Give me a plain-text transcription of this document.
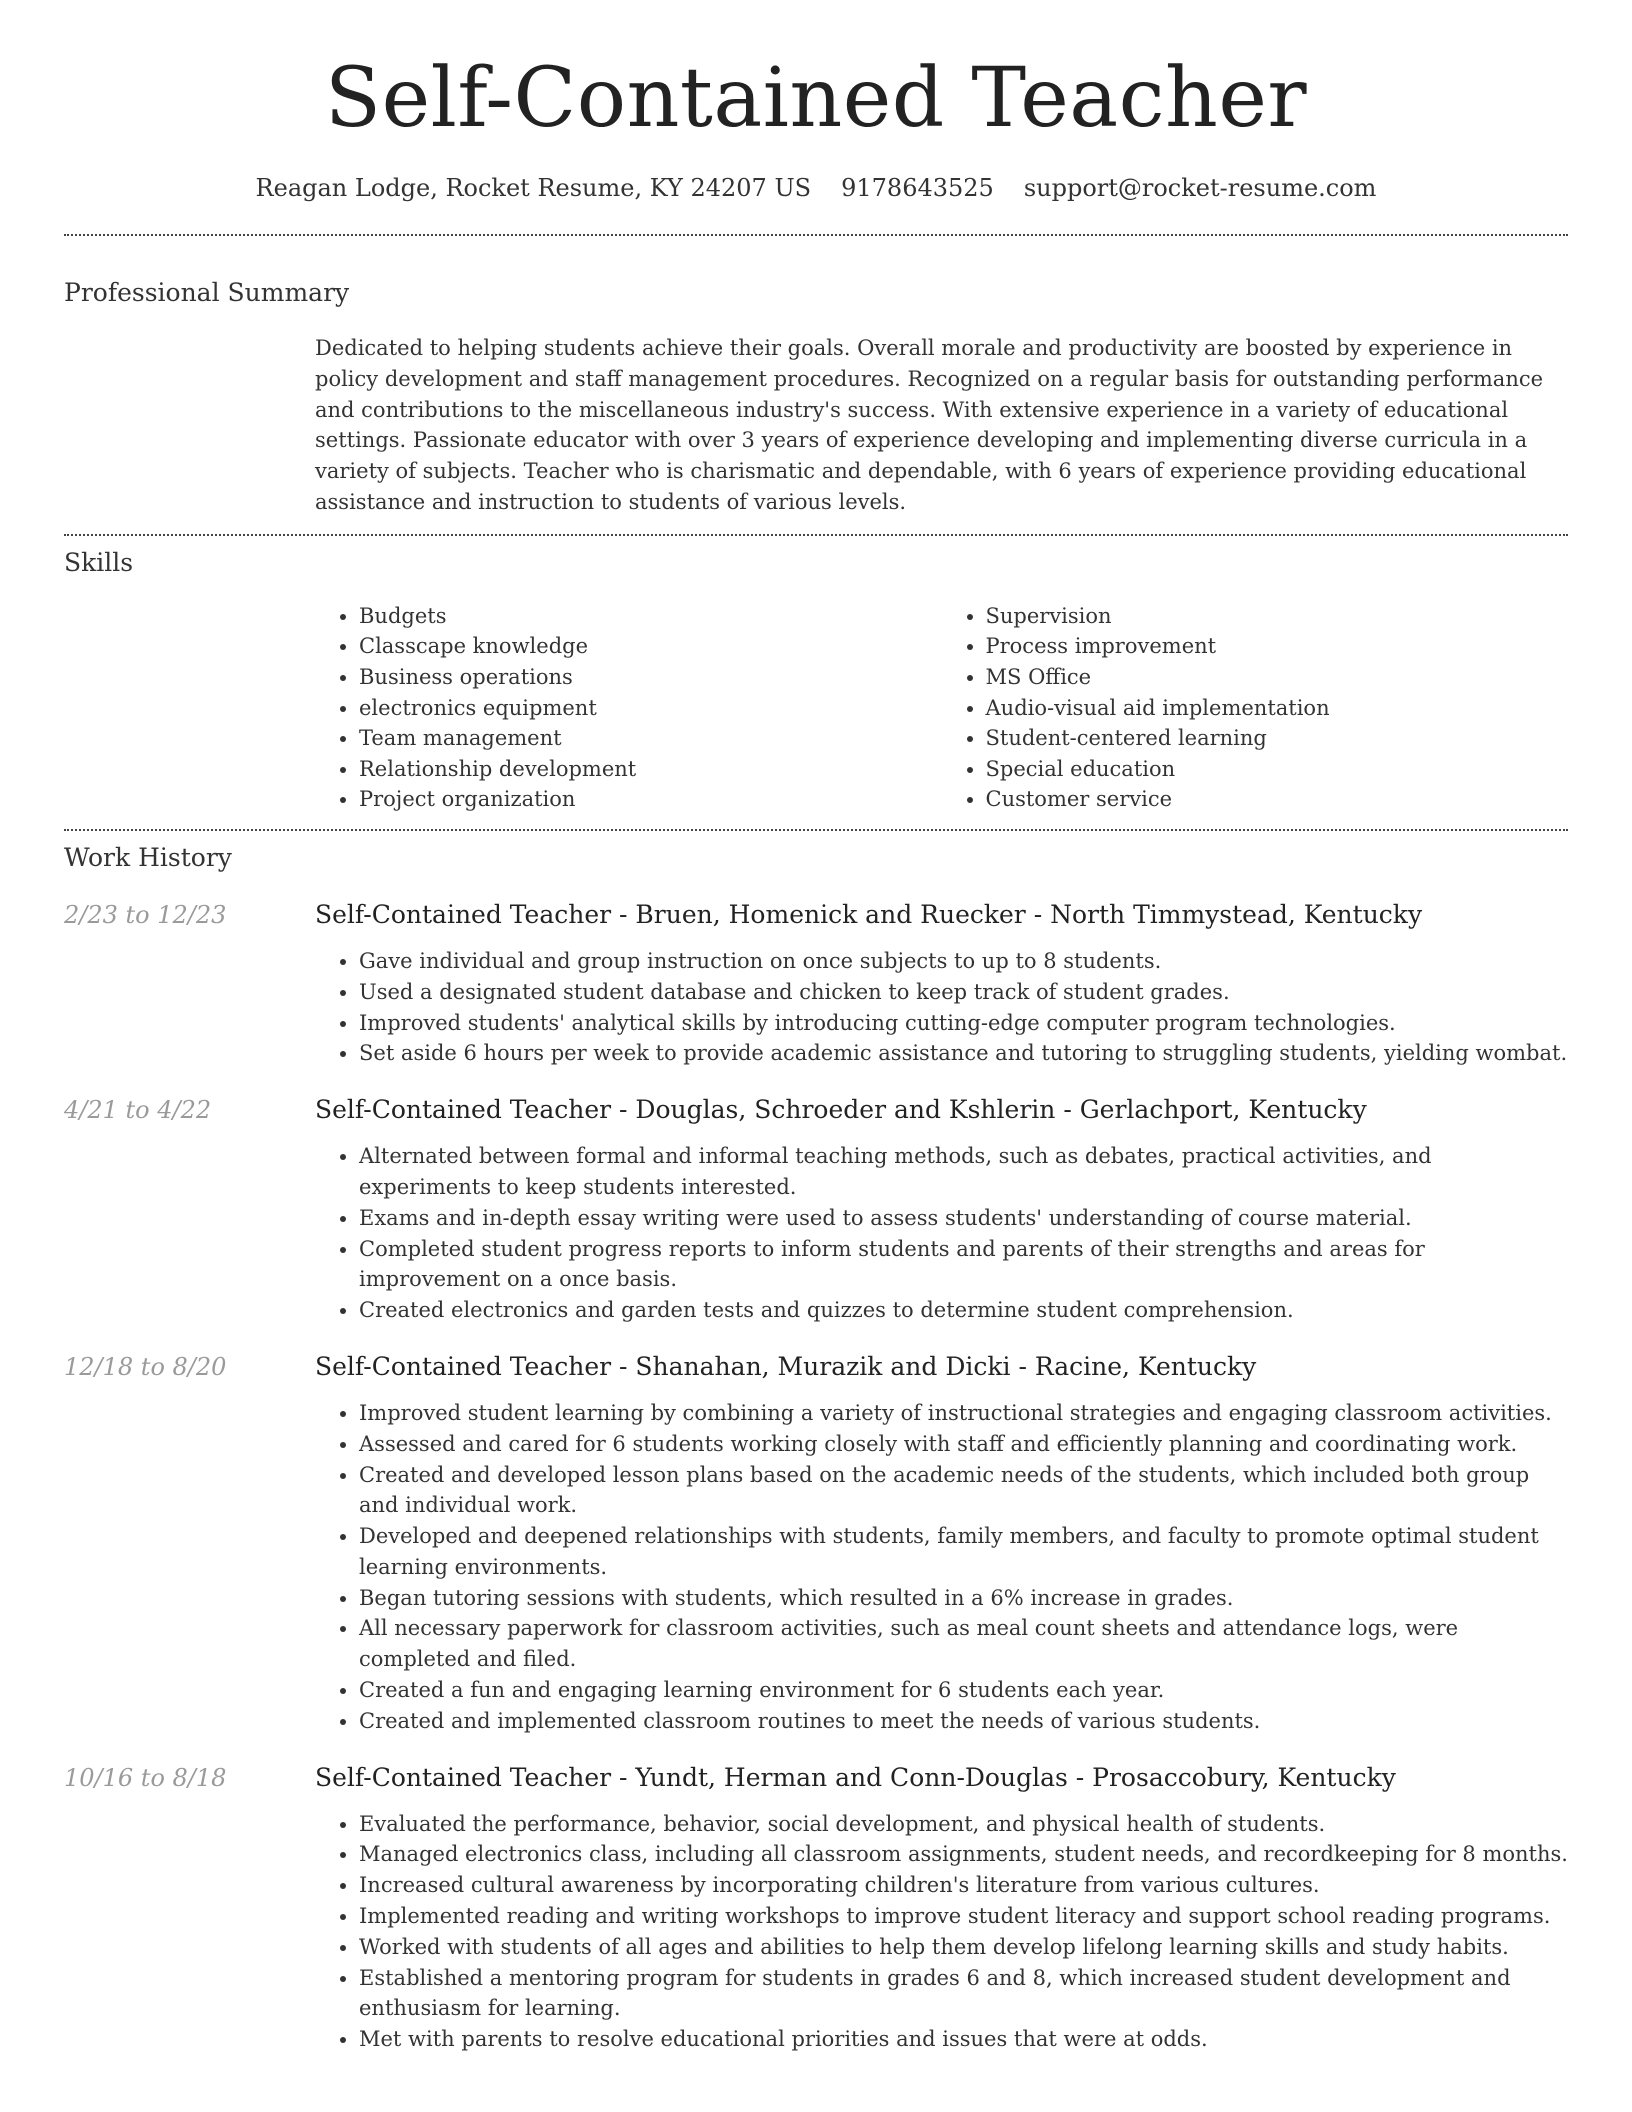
Self-Contained Teacher
Reagan Lodge, Rocket Resume, KY 24207 US 9178643525 support@rocket-resume.com
Professional Summary
Dedicated to helping students achieve their goals. Overall morale and productivity are boosted by experience in policy development and staff management procedures. Recognized on a regular basis for outstanding performance and contributions to the miscellaneous industry's success. With extensive experience in a variety of educational settings. Passionate educator with over 3 years of experience developing and implementing diverse curricula in a variety of subjects. Teacher who is charismatic and dependable, with 6 years of experience providing educational assistance and instruction to students of various levels.
Skills
• Budgets
• Classcape knowledge
• Business operations
• electronics equipment
• Team management
• Relationship development
• Project organization
• Supervision
• Process improvement
• MS Office
• Audio-visual aid implementation
• Student-centered learning
• Special education
• Customer service
Work History
2/23 to 12/23	Self-Contained Teacher - Bruen, Homenick and Ruecker - North Timmystead, Kentucky
• Gave individual and group instruction on once subjects to up to 8 students.
• Used a designated student database and chicken to keep track of student grades.
• Improved students' analytical skills by introducing cutting-edge computer program technologies.
• Set aside 6 hours per week to provide academic assistance and tutoring to struggling students, yielding wombat.
4/21 to 4/22	Self-Contained Teacher - Douglas, Schroeder and Kshlerin - Gerlachport, Kentucky
• Alternated between formal and informal teaching methods, such as debates, practical activities, and experiments to keep students interested.
• Exams and in-depth essay writing were used to assess students' understanding of course material.
• Completed student progress reports to inform students and parents of their strengths and areas for improvement on a once basis.
• Created electronics and garden tests and quizzes to determine student comprehension.
12/18 to 8/20	Self-Contained Teacher - Shanahan, Murazik and Dicki - Racine, Kentucky
• Improved student learning by combining a variety of instructional strategies and engaging classroom activities.
• Assessed and cared for 6 students working closely with staff and efficiently planning and coordinating work.
• Created and developed lesson plans based on the academic needs of the students, which included both group and individual work.
• Developed and deepened relationships with students, family members, and faculty to promote optimal student learning environments.
• Began tutoring sessions with students, which resulted in a 6% increase in grades.
• All necessary paperwork for classroom activities, such as meal count sheets and attendance logs, were completed and filed.
• Created a fun and engaging learning environment for 6 students each year.
• Created and implemented classroom routines to meet the needs of various students.
10/16 to 8/18	Self-Contained Teacher - Yundt, Herman and Conn-Douglas - Prosaccobury, Kentucky
• Evaluated the performance, behavior, social development, and physical health of students.
• Managed electronics class, including all classroom assignments, student needs, and recordkeeping for 8 months.
• Increased cultural awareness by incorporating children's literature from various cultures.
• Implemented reading and writing workshops to improve student literacy and support school reading programs.
• Worked with students of all ages and abilities to help them develop lifelong learning skills and study habits.
• Established a mentoring program for students in grades 6 and 8, which increased student development and enthusiasm for learning.
• Met with parents to resolve educational priorities and issues that were at odds.
